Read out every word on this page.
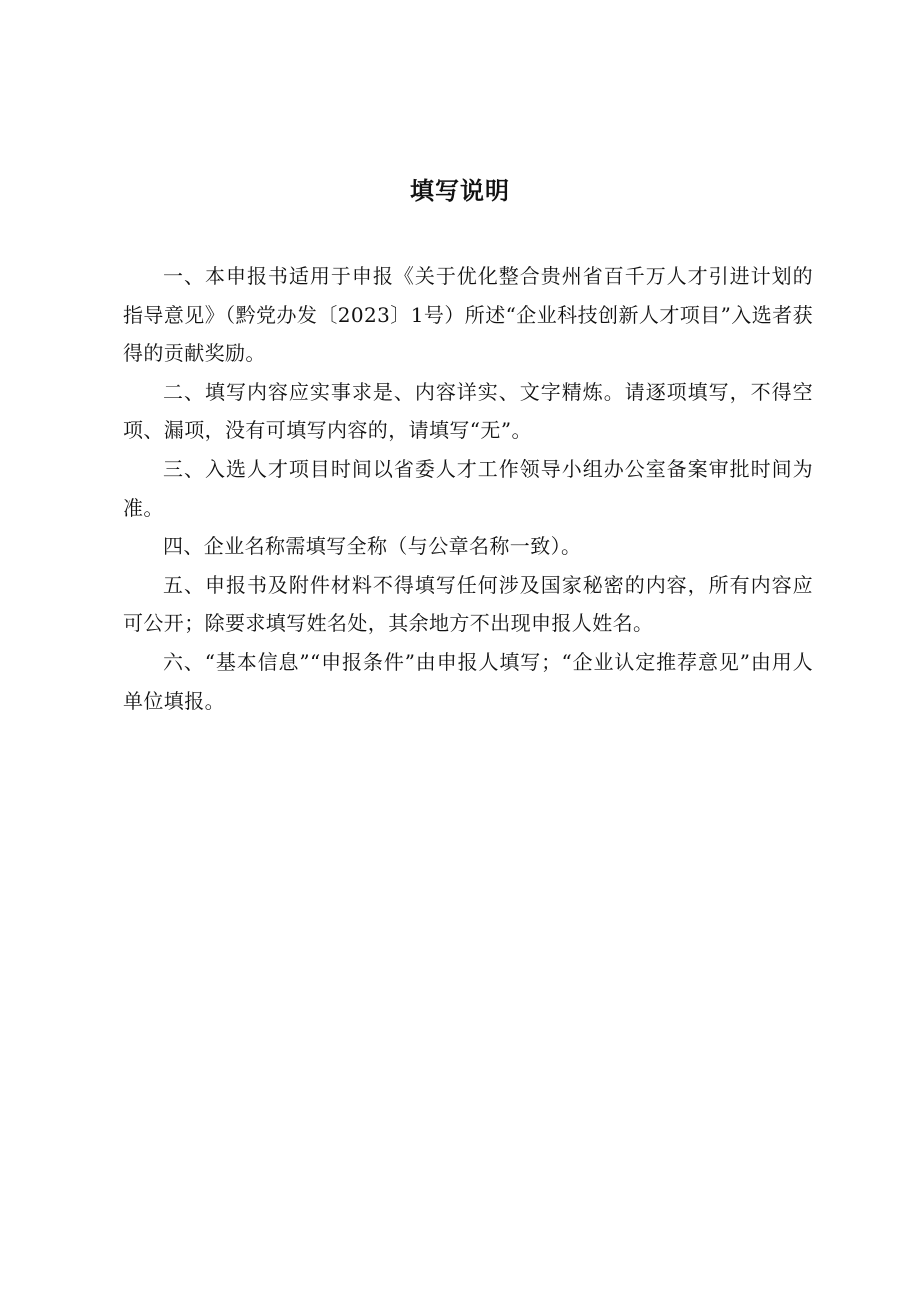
填写说明

一、本申报书适用于申报《关于优化整合贵州省百千万人才引进计划的指导意见》（黔党办发〔2023〕1号）所述“企业科技创新人才项目”入选者获得的贡献奖励。

二、填写内容应实事求是、内容详实、文字精炼。请逐项填写，不得空项、漏项，没有可填写内容的，请填写“无”。

三、入选人才项目时间以省委人才工作领导小组办公室备案审批时间为准。

四、企业名称需填写全称（与公章名称一致）。

五、申报书及附件材料不得填写任何涉及国家秘密的内容，所有内容应可公开；除要求填写姓名处，其余地方不出现申报人姓名。

六、“基本信息”“申报条件”由申报人填写；“企业认定推荐意见”由用人单位填报。
